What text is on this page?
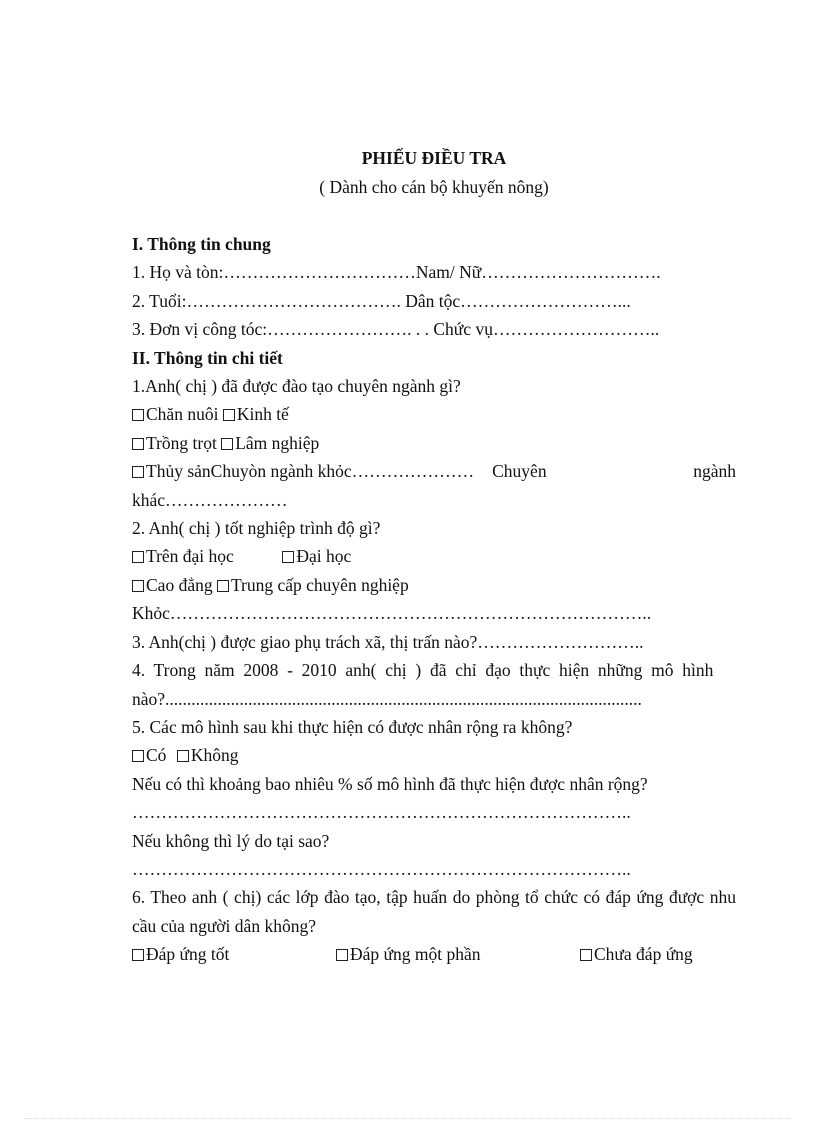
PHIẾU ĐIỀU TRA

( Dành cho cán bộ khuyến nông)

I. Thông tin chung
1. Họ và tòn:……………………………Nam/ Nữ………………………….
2. Tuổi:………………………………. Dân tộc………………………...
3. Đơn vị công tóc:……………………. . . Chức vụ………………………..
II. Thông tin chi tiết
1.Anh( chị ) đã được đào tạo chuyên ngành gì?
Chăn nuôi Kinh tế
Trồng trọt Lâm nghiệp
Thủy sảnChuyòn ngành khỏc………………… Chuyên	ngành
khác…………………
2. Anh( chị ) tốt nghiệp trình độ gì?
Trên đại học	Đại học
Cao đẳng Trung cấp chuyên nghiệp
Khỏc………………………………………………………………………..
3. Anh(chị ) được giao phụ trách xã, thị trấn nào?………………………..
4.  Trong  năm  2008  -  2010  anh(  chị  )  đã  chỉ  đạo  thực  hiện  những  mô  hình
nào?.............................................................................................................
5. Các mô hình sau khi thực hiện có được nhân rộng ra không?
Có Không
Nếu có thì khoảng bao nhiêu % số mô hình đã thực hiện được nhân rộng?
…………………………………………………………………………..
Nếu không thì lý do tại sao?
…………………………………………………………………………..
6. Theo anh ( chị) các lớp đào tạo, tập huấn do phòng tổ chức có đáp ứng được nhu cầu của người dân không?
Đáp ứng tốt	Đáp ứng một phần	Chưa đáp ứng
